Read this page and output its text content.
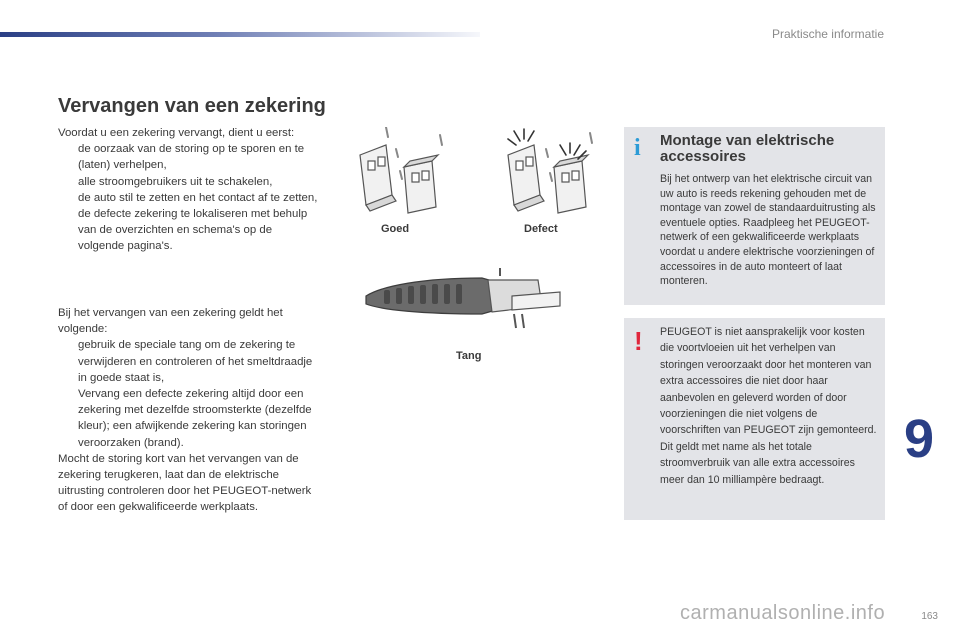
Praktische informatie
Vervangen van een zekering

Voordat u een zekering vervangt, dient u eerst:

de oorzaak van de storing op te sporen en te (laten) verhelpen,
alle stroomgebruikers uit te schakelen,
de auto stil te zetten en het contact af te zetten,
de defecte zekering te lokaliseren met behulp van de overzichten en schema's op de volgende pagina's.

Bij het vervangen van een zekering geldt het volgende:

gebruik de speciale tang om de zekering te verwijderen en controleren of het smeltdraadje in goede staat is,
Vervang een defecte zekering altijd door een zekering met dezelfde stroomsterkte (dezelfde kleur); een afwijkende zekering kan storingen veroorzaken (brand).

Mocht de storing kort van het vervangen van de zekering terugkeren, laat dan de elektrische uitrusting controleren door het PEUGEOT-netwerk of door een gekwalificeerde werkplaats.

Goed	Defect
Tang
i Montage van elektrische accessoires

Bij het ontwerp van het elektrische circuit van uw auto is reeds rekening gehouden met de montage van zowel de standaarduitrusting als eventuele opties. Raadpleeg het PEUGEOT-netwerk of een gekwalificeerde werkplaats voordat u andere elektrische voorzieningen of accessoires in de auto monteert of laat monteren.

! PEUGEOT is niet aansprakelijk voor kosten die voortvloeien uit het verhelpen van storingen veroorzaakt door het monteren van extra accessoires die niet door haar aanbevolen en geleverd worden of door voorzieningen die niet volgens de voorschriften van PEUGEOT zijn gemonteerd. Dit geldt met name als het totale stroomverbruik van alle extra accessoires meer dan 10 milliampère bedraagt.

9
163
carmanualsonline.info
